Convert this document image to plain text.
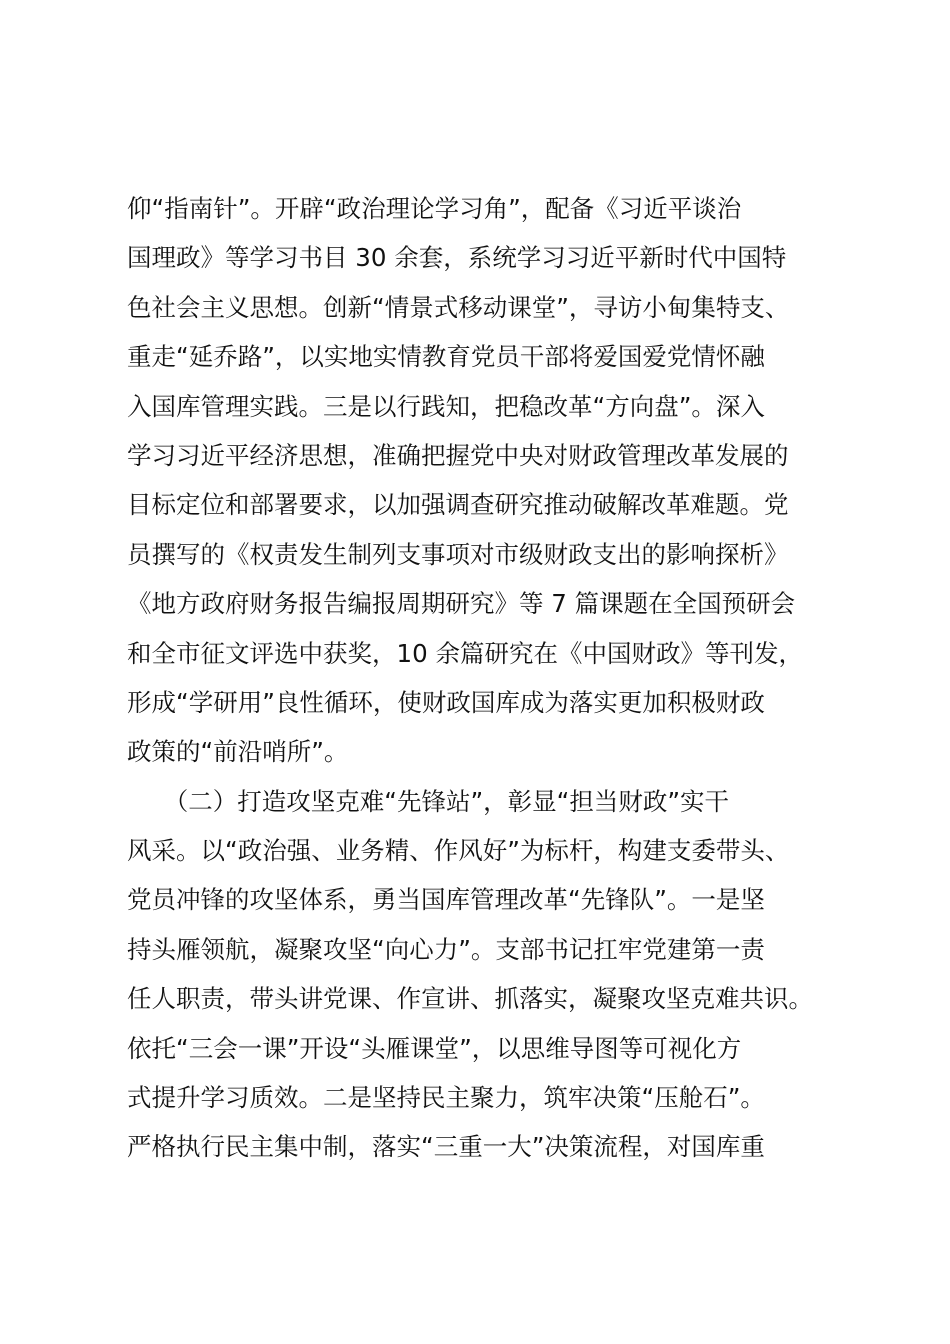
仰“指南针”。开辟“政治理论学习角”，配备《习近平谈治
国理政》等学习书目 30 余套，系统学习习近平新时代中国特
色社会主义思想。创新“情景式移动课堂”，寻访小甸集特支、
重走“延乔路”，以实地实情教育党员干部将爱国爱党情怀融
入国库管理实践。三是以行践知，把稳改革“方向盘”。深入
学习习近平经济思想，准确把握党中央对财政管理改革发展的
目标定位和部署要求，以加强调查研究推动破解改革难题。党
员撰写的《权责发生制列支事项对市级财政支出的影响探析》
《地方政府财务报告编报周期研究》等 7 篇课题在全国预研会
和全市征文评选中获奖，10 余篇研究在《中国财政》等刊发，
形成“学研用”良性循环，使财政国库成为落实更加积极财政
政策的“前沿哨所”。
　　（二）打造攻坚克难“先锋站”，彰显“担当财政”实干
风采。以“政治强、业务精、作风好”为标杆，构建支委带头、
党员冲锋的攻坚体系，勇当国库管理改革“先锋队”。一是坚
持头雁领航，凝聚攻坚“向心力”。支部书记扛牢党建第一责
任人职责，带头讲党课、作宣讲、抓落实，凝聚攻坚克难共识。
依托“三会一课”开设“头雁课堂”，以思维导图等可视化方
式提升学习质效。二是坚持民主聚力，筑牢决策“压舱石”。
严格执行民主集中制，落实“三重一大”决策流程，对国库重
